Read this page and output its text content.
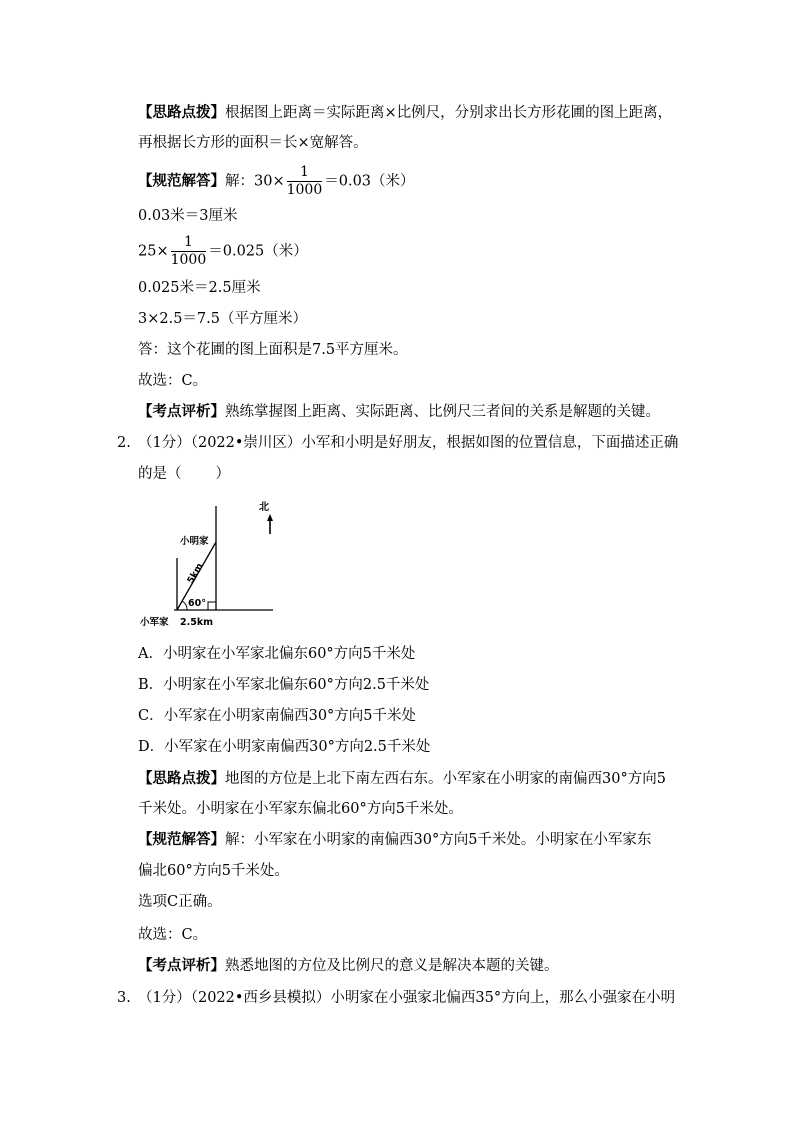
【思路点拨】根据图上距离＝实际距离×比例尺，分别求出长方形花圃的图上距离，
再根据长方形的面积＝长×宽解答。
【规范解答】解：$30\times \frac{1}{1000} =0.03$（米）
0.03米＝3厘米
$25\times \frac{1}{1000} =0.025$（米）
0.025米＝2.5厘米
3×2.5＝7.5（平方厘米）
答：这个花圃的图上面积是7.5平方厘米。
故选：C。
【考点评析】熟练掌握图上距离、实际距离、比例尺三者间的关系是解题的关键。
2. （1分）（2022•崇川区）小军和小明是好朋友，根据如图的位置信息，下面描述正确
的是（ ）
北
小明家
5km
60°
小军家 2.5km
A．小明家在小军家北偏东60°方向5千米处
B．小明家在小军家北偏东60°方向2.5千米处
C．小军家在小明家南偏西30°方向5千米处
D．小军家在小明家南偏西30°方向2.5千米处
【思路点拨】地图的方位是上北下南左西右东。小军家在小明家的南偏西30°方向5
千米处。小明家在小军家东偏北60°方向5千米处。
【规范解答】解：小军家在小明家的南偏西30°方向5千米处。小明家在小军家东
偏北60°方向5千米处。
选项C正确。
故选：C。
【考点评析】熟悉地图的方位及比例尺的意义是解决本题的关键。
3. （1分）（2022•西乡县模拟）小明家在小强家北偏西35°方向上，那么小强家在小明
